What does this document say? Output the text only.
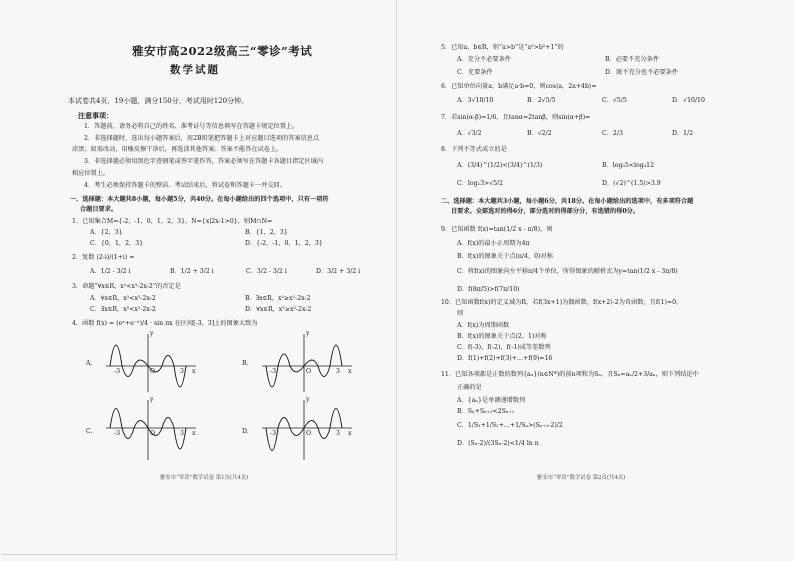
雅安市高2022级高三“零诊”考试
数学试题
本试卷共4页，19小题，满分150分，考试用时120分钟。
注意事项：
1．答题前，请务必将自己的姓名、准考证号等信息填写在答题卡规定位置上。
2．非选择题时，选出每小题答案后，用2B铅笔把答题卡上对应题目选项的答案信息点
涂黑；如需改动，用橡皮擦干净后，再选涂其他答案。答案不能答在试卷上。
3．非选择题必须用黑色字迹钢笔或签字笔作答，答案必须写在答题卡各题目指定区域内
相应位置上。
4．考生必须保持答题卡的整洁。考试结束后，将试卷和答题卡一并交回。
一、选择题：本大题共8小题，每小题5分，共40分。在每小题给出的四个选项中，只有一项符
合题目要求。
1．已知集合M={-2，-1，0，1，2，3}，N={x|2x-1>0}，则M∩N=
A．{2，3}	B．{1，2，3}
C．{0，1，2，3}	D．{-2，-1，0，1，2，3}
2．复数 (2-i)/(1+i) =
A．1/2 - 3/2 i	B．1/2 + 3/2 i	C．3/2 - 3/2 i	D．3/2 + 3/2 i
3．命题“∀x∈R，x²<x²-2x-2”的否定是
A．∀x∈R，x²<x²-2x-2	B．∃x∈R，x²≥x²-2x-2
C．∃x∈R，x²<x²-2x-2	D．∀x∈R，x²≥x²-2x-2
4．函数 f(x) = (eˣ+e⁻ˣ)/4 · sin πx 在区间[-3，3]上的图象大致为
A.	B.
C.	D.
-3	3
O	x
y
-3	3
O	x
y
-3	3
O	x
y
-3	3
O	x
y
雅安市“零诊”数学试卷 第1页(共4页)
5．已知a，b∈R，则“a>b”是“a²>b²+1”的
A．充分不必要条件	B．必要不充分条件
C．充要条件	D．既不充分也不必要条件
6．已知单位向量a，b满足a·b=0，则cos⟨a，2a+4b⟩=
A．3√10/10	B．2√5/5	C．√5/5	D．√10/10
7．若sin(α-β)=1/6，且tanα=2tanβ，则sin(α+β)=
A．√3/2	B．√2/2	C．2/3	D．1/2
8．下列不等式成立的是
A．(3/4)^(1/2)<(3/4)^(1/3)	B．log₃5<log₄12
C．log₂3>√5/2	D．(√2)^(1.5)>3.9
二、选择题：本大题共3小题，每小题6分，共18分。在每小题给出的选项中，有多项符合题
目要求。全部选对的得6分，部分选对的得部分分，有选错的得0分。
9．已知函数 f(x)=tan(1/2 x - π/8)，则
A．f(x)的最小正周期为4π
B．f(x)的图象关于点(π/4，0)对称
C．将f(x)的图象向左平移π/4个单位，所得图象的解析式为y=tan(1/2 x - 3π/8)
D．f(8π/5)>f(7π/10)
10．已知函数f(x)的定义域为R，若f(3x+1)为偶函数，f(x+2)-2为奇函数，且f(1)=0，
则
A．f(x)为周期函数
B．f(x)的图象关于点(2，1)对称
C．f(-3)，f(-2)，f(-1)成等差数列
D．f(1)+f(2)+f(3)+…+f(9)=16
11．已知各项都是正数的数列{aₙ}(n∈N*)的前n项和为Sₙ，且Sₙ=aₙ/2+3/aₙ，则下列结论中
正确的是
A．{aₙ}是单调递增数列
B．Sₙ+Sₙ₊₂<2Sₙ₊₁
C．1/S₁+1/S₂+…+1/Sₙ>(Sₙ₊₁-2)/2
D．(Sₙ-2)/(3Sₙ-2)<1/4 ln n
雅安市“零诊”数学试卷 第2页(共4页)
